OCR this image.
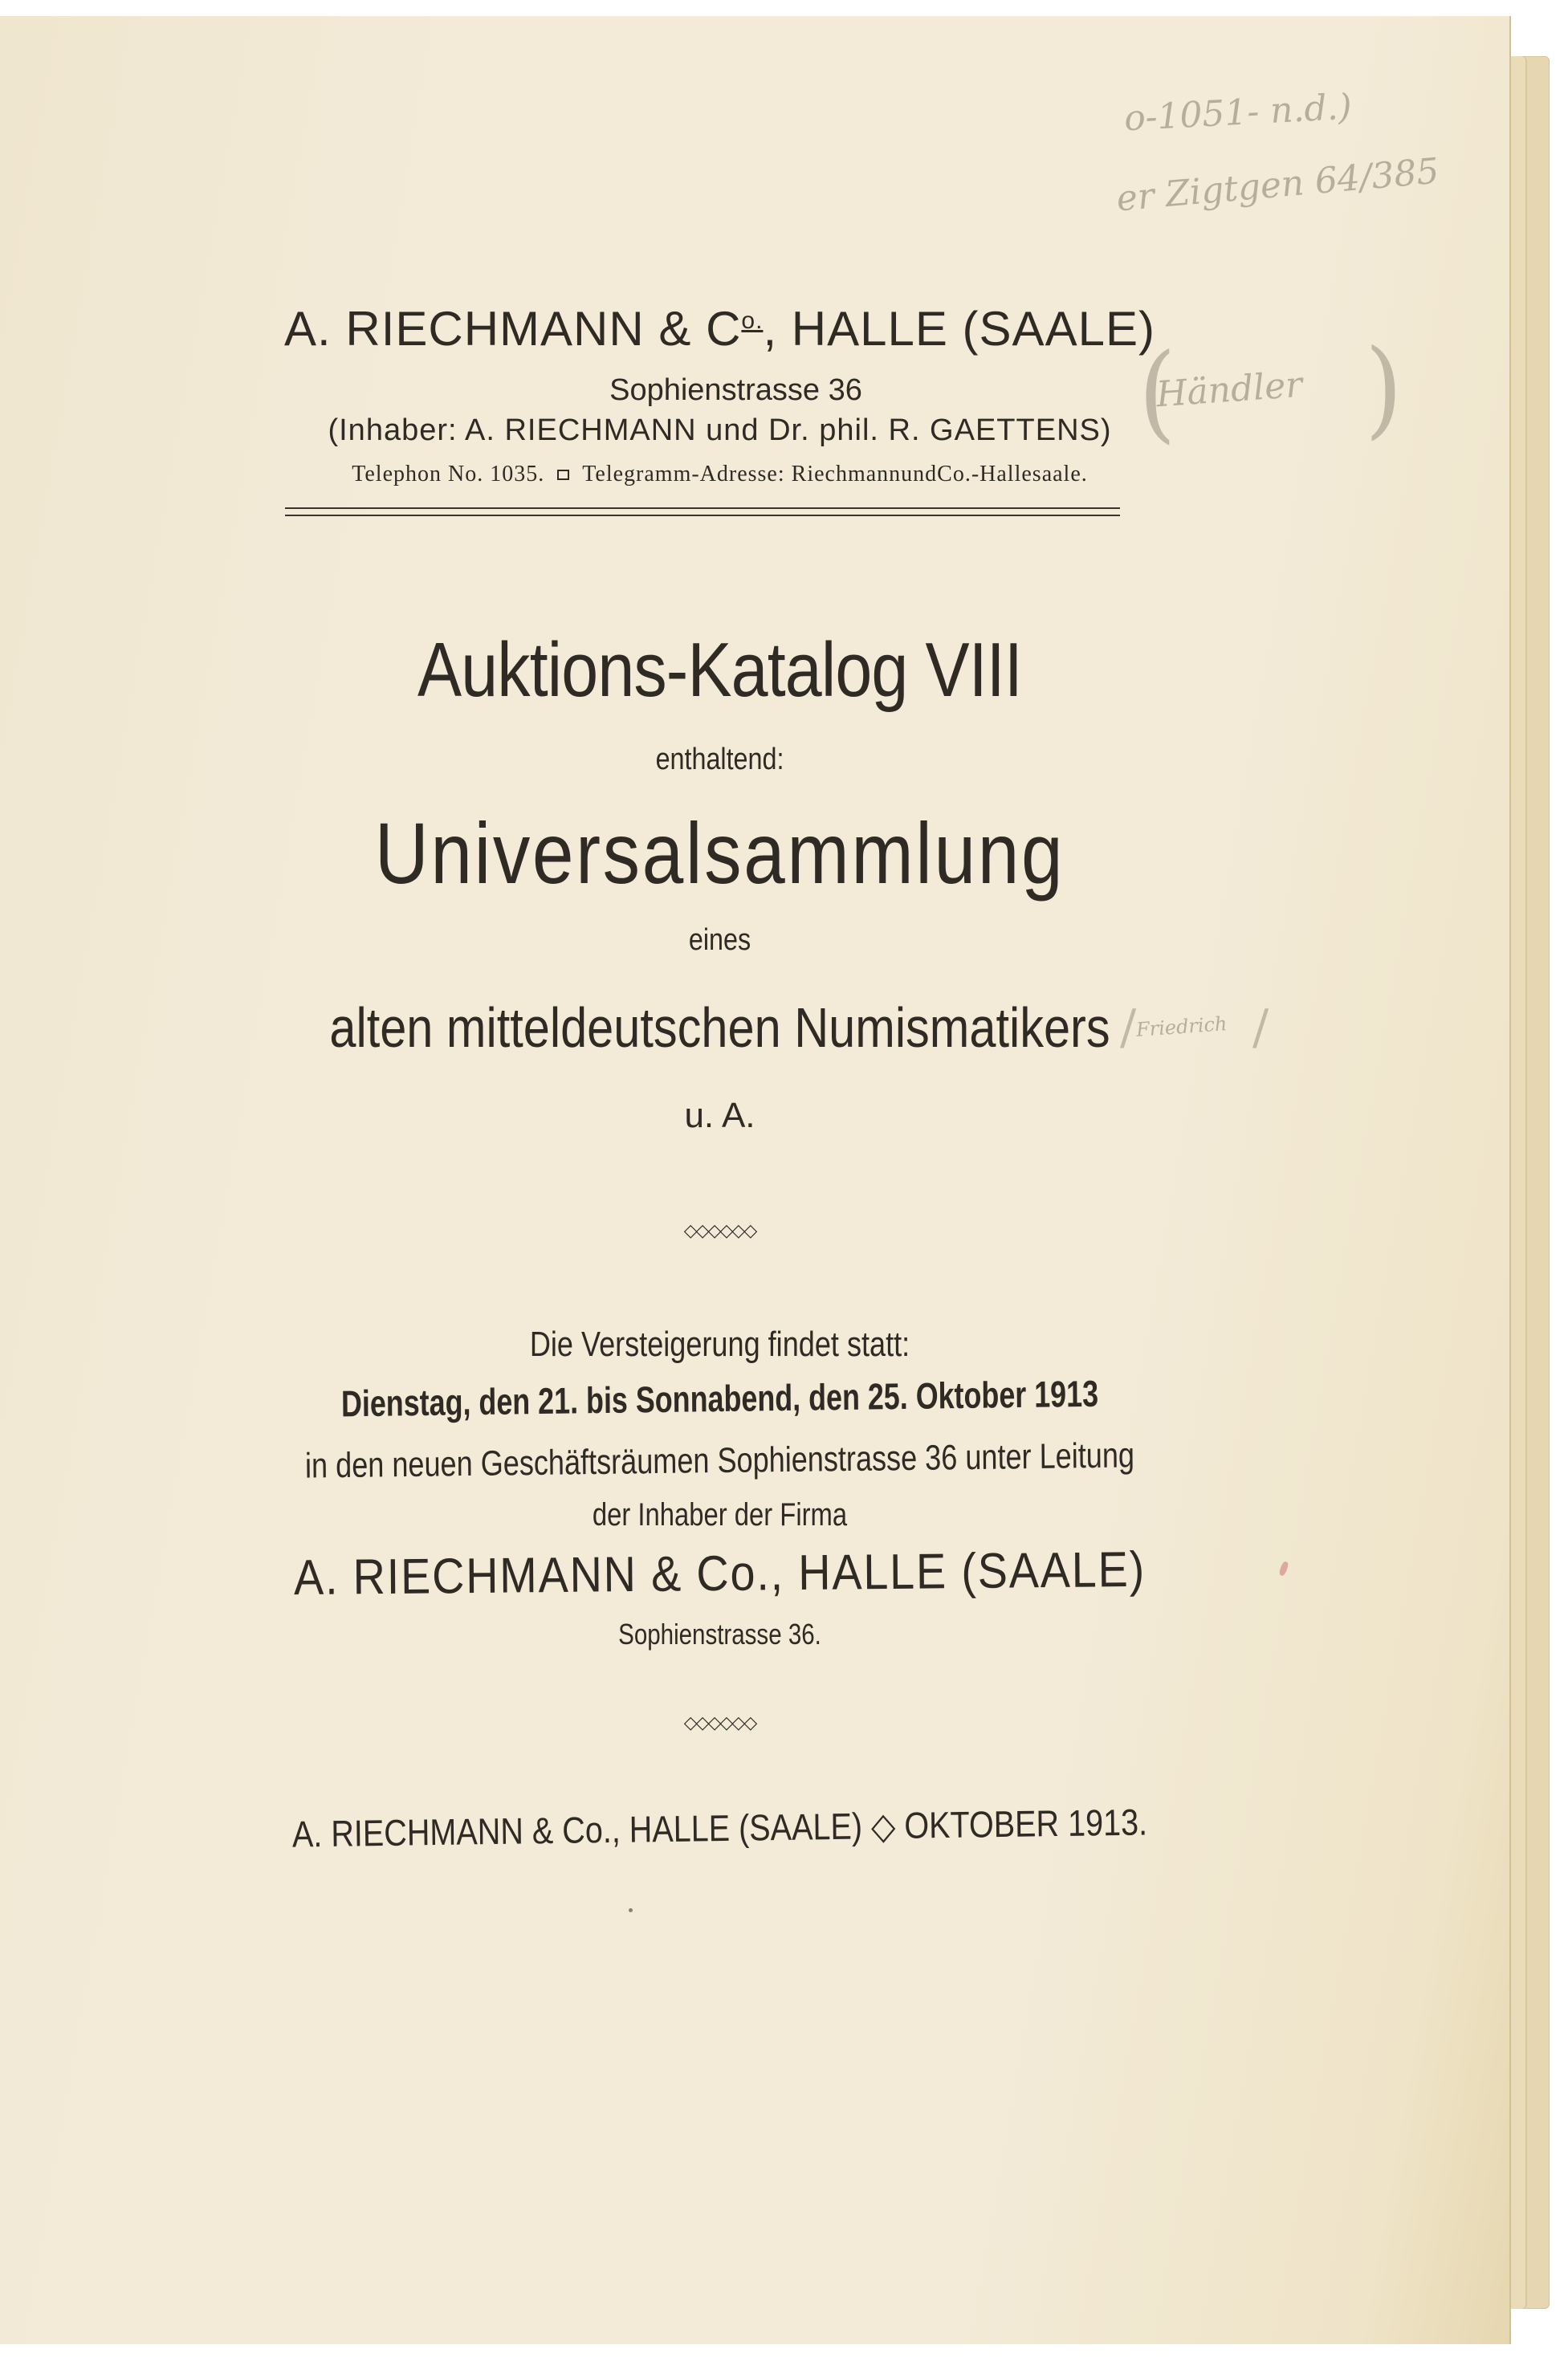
A. RIECHMANN & $C^{o.}$, HALLE (SAALE)
Sophienstrasse 36
(Inhaber: A. RIECHMANN und Dr. phil. R. GAETTENS)
Telephon No. 1035. Telegramm-Adresse: RiechmannundCo.-Hallesaale.
Auktions-Katalog VIII
enthaltend:
Universalsammlung
eines
alten mitteldeutschen Numismatikers
u. A.
◇◇◇◇◇◇
Die Versteigerung findet statt:
Dienstag, den 21. bis Sonnabend, den 25. Oktober 1913
in den neuen Geschäftsräumen Sophienstrasse 36 unter Leitung
der Inhaber der Firma
A. RIECHMANN & Co., HALLE (SAALE)
Sophienstrasse 36.
◇◇◇◇◇◇
A. RIECHMANN & Co., HALLE (SAALE) ◇ OKTOBER 1913.
o-1051- n.d.)
er Zigtgen 64/385
(
Händler )
/
Friedrich /
